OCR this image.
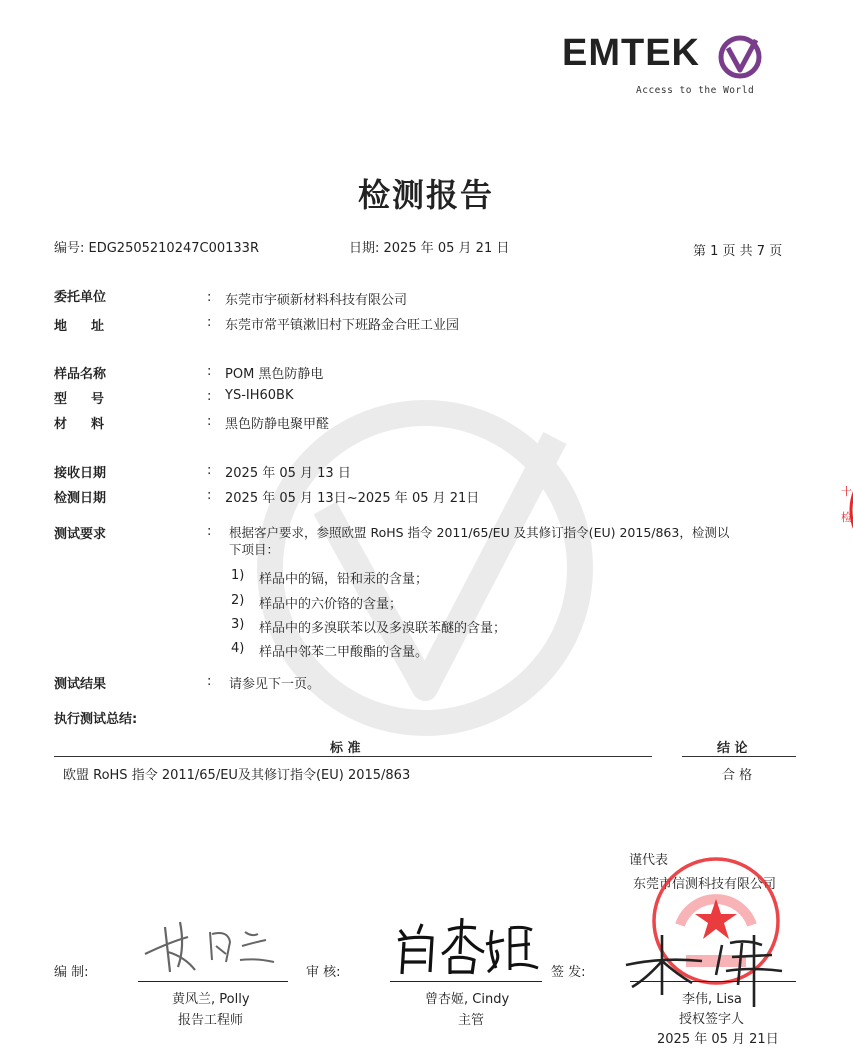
十
检
EMTEK
Access to the World
检测报告
编号: EDG2505210247C00133R	日期: 2025 年 05 月 21 日	第 1 页 共 7 页
委托单位	: 东莞市宇硕新材料科技有限公司
地址	: 东莞市常平镇漱旧村下班路金合旺工业园
样品名称	: POM 黑色防静电
型号	: YS-IH60BK
材料	: 黑色防静电聚甲醛
接收日期	: 2025 年 05 月 13 日
检测日期	: 2025 年 05 月 13日~2025 年 05 月 21日
测试要求	: 根据客户要求，参照欧盟 RoHS 指令 2011/65/EU 及其修订指令(EU) 2015/863，检测以
下项目：
1) 样品中的镉，铅和汞的含量；
2) 样品中的六价铬的含量；
3) 样品中的多溴联苯以及多溴联苯醚的含量；
4) 样品中邻苯二甲酸酯的含量。
测试结果	: 请参见下一页。
执行测试总结:
标 准	结 论
欧盟 RoHS 指令 2011/65/EU及其修订指令(EU) 2015/863	合 格
谨代表
东莞市信测科技有限公司
编 制:
黄风兰, Polly
报告工程师
审 核:
曾杏姬, Cindy
主管
签 发:
李伟, Lisa
授权签字人
2025 年 05 月 21日
